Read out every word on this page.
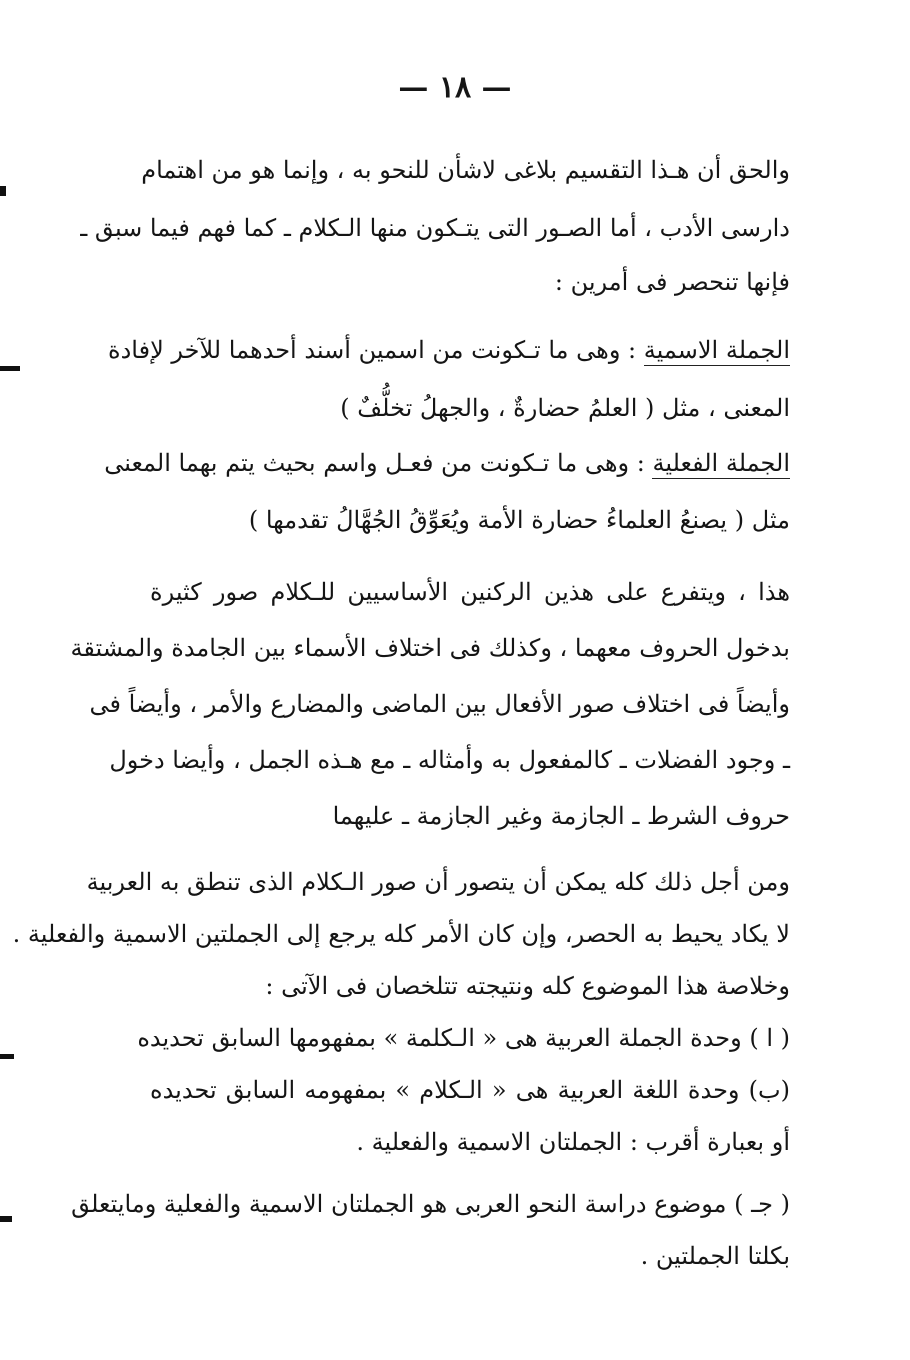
— ١٨ —
والحق أن هـذا التقسيم بلاغى لاشأن للنحو به ، وإنما هو من اهتمام
دارسى الأدب ، أما الصـور التى يتـكون منها الـكلام ـ كما فهم فيما سبق ـ
فإنها تنحصر فى أمرين :
الجملة الاسمية : وهى ما تـكونت من اسمين أسند أحدهما للآخر لإفادة
المعنى ، مثل ( العلمُ حضارةٌ ، والجهلُ تخلُّفٌ )
الجملة الفعلية : وهى ما تـكونت من فعـل واسم بحيث يتم بهما المعنى
مثل ( يصنعُ العلماءُ حضارة الأمة ويُعَوِّقُ الجُهَّالُ تقدمها )
هذا ، ويتفرع على هذين الركنين الأساسيين للـكلام صور كثيرة
بدخول الحروف معهما ، وكذلك فى اختلاف الأسماء بين الجامدة والمشتقة
وأيضاً فى اختلاف صور الأفعال بين الماضى والمضارع والأمر ، وأيضاً فى
ـ وجود الفضلات ـ كالمفعول به وأمثاله ـ مع هـذه الجمل ، وأيضا دخول
حروف الشرط ـ الجازمة وغير الجازمة ـ عليهما
ومن أجل ذلك كله يمكن أن يتصور أن صور الـكلام الذى تنطق به العربية
لا يكاد يحيط به الحصر، وإن كان الأمر كله يرجع إلى الجملتين الاسمية والفعلية .
وخلاصة هذا الموضوع كله ونتيجته تتلخصان فى الآتى :
( ا ) وحدة الجملة العربية هى « الـكلمة » بمفهومها السابق تحديده
(ب) وحدة اللغة العربية هى « الـكلام » بمفهومه السابق تحديده
أو بعبارة أقرب : الجملتان الاسمية والفعلية .
( جـ ) موضوع دراسة النحو العربى هو الجملتان الاسمية والفعلية ومايتعلق
بكلتا الجملتين .
